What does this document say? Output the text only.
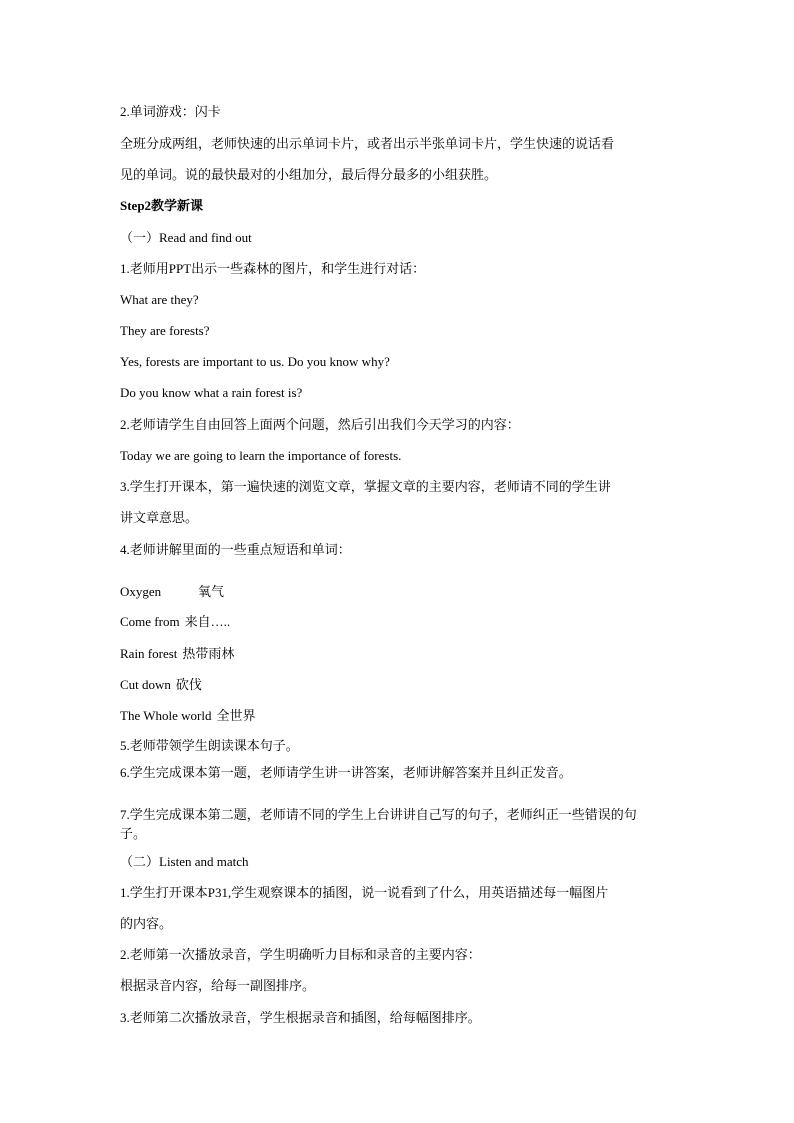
2.单词游戏：闪卡
全班分成两组，老师快速的出示单词卡片，或者出示半张单词卡片，学生快速的说话看
见的单词。说的最快最对的小组加分，最后得分最多的小组获胜。
Step2教学新课
（一）Read and find out
1.老师用PPT出示一些森林的图片，和学生进行对话：
What are they?
They are forests?
Yes, forests are important to us. Do you know why?
Do you know what a rain forest is?
2.老师请学生自由回答上面两个问题，然后引出我们今天学习的内容：
Today we are going to learn the importance of forests.
3.学生打开课本，第一遍快速的浏览文章，掌握文章的主要内容，老师请不同的学生讲
讲文章意思。
4.老师讲解里面的一些重点短语和单词：
Oxygen	氧气
Come from 来自…..
Rain forest 热带雨林
Cut down 砍伐
The Whole world 全世界
5.老师带领学生朗读课本句子。
6.学生完成课本第一题，老师请学生讲一讲答案，老师讲解答案并且纠正发音。
7.学生完成课本第二题，老师请不同的学生上台讲讲自己写的句子，老师纠正一些错误的句
子。
（二）Listen and match
1.学生打开课本P31,学生观察课本的插图，说一说看到了什么，用英语描述每一幅图片
的内容。
2.老师第一次播放录音，学生明确听力目标和录音的主要内容：
根据录音内容，给每一副图排序。
3.老师第二次播放录音，学生根据录音和插图，给每幅图排序。
